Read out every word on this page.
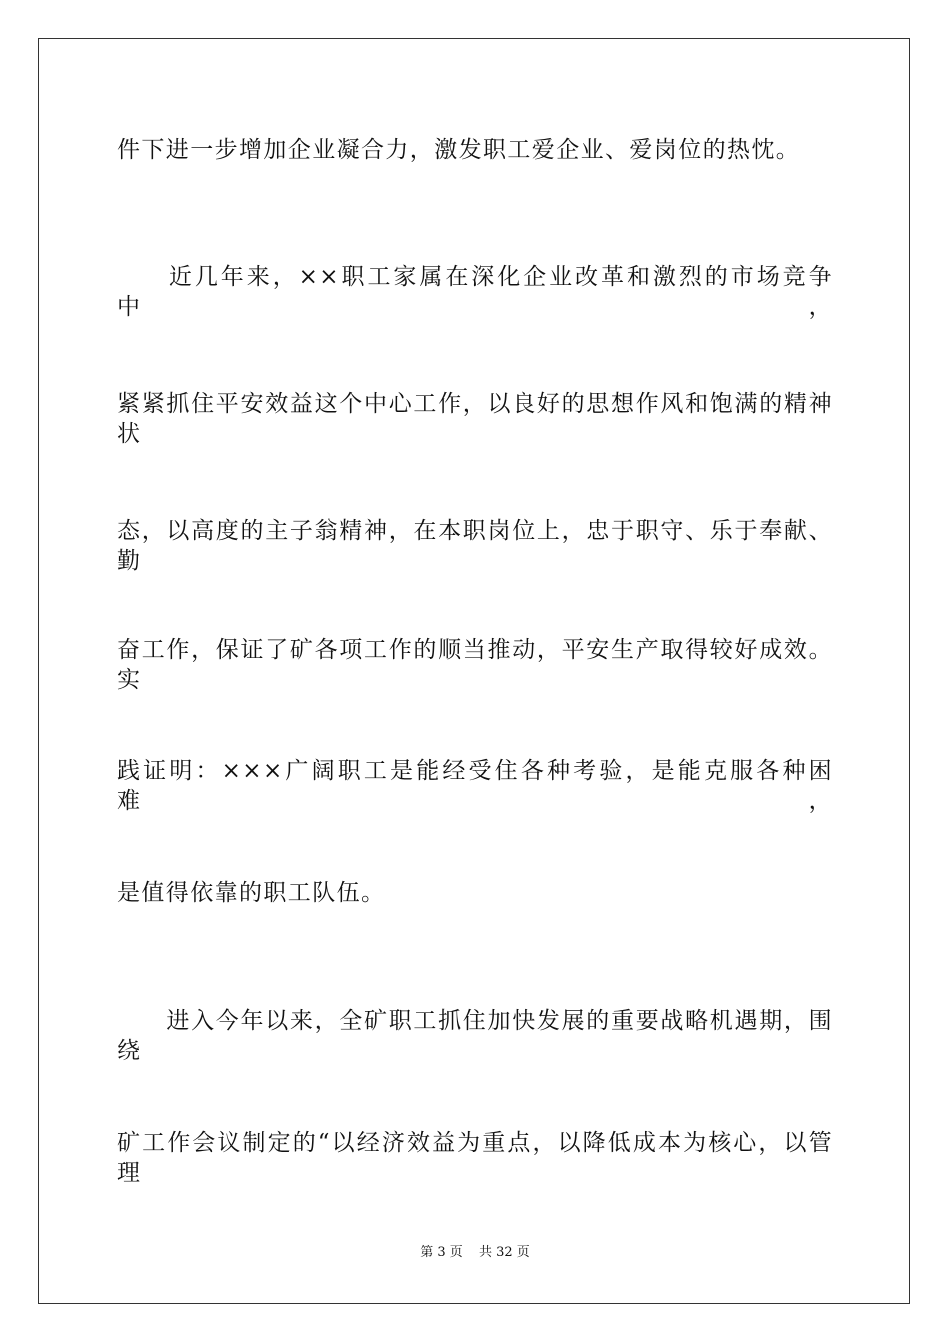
件下进一步增加企业凝合力，激发职工爱企业、爱岗位的热忱。
　　近几年来，××职工家属在深化企业改革和激烈的市场竞争中，
紧紧抓住平安效益这个中心工作，以良好的思想作风和饱满的精神状
态，以高度的主子翁精神，在本职岗位上，忠于职守、乐于奉献、勤
奋工作，保证了矿各项工作的顺当推动，平安生产取得较好成效。实
践证明：×××广阔职工是能经受住各种考验，是能克服各种困难，
是值得依靠的职工队伍。
　　进入今年以来，全矿职工抓住加快发展的重要战略机遇期，围绕
矿工作会议制定的“以经济效益为重点，以降低成本为核心，以管理
第 3 页 共 32 页
